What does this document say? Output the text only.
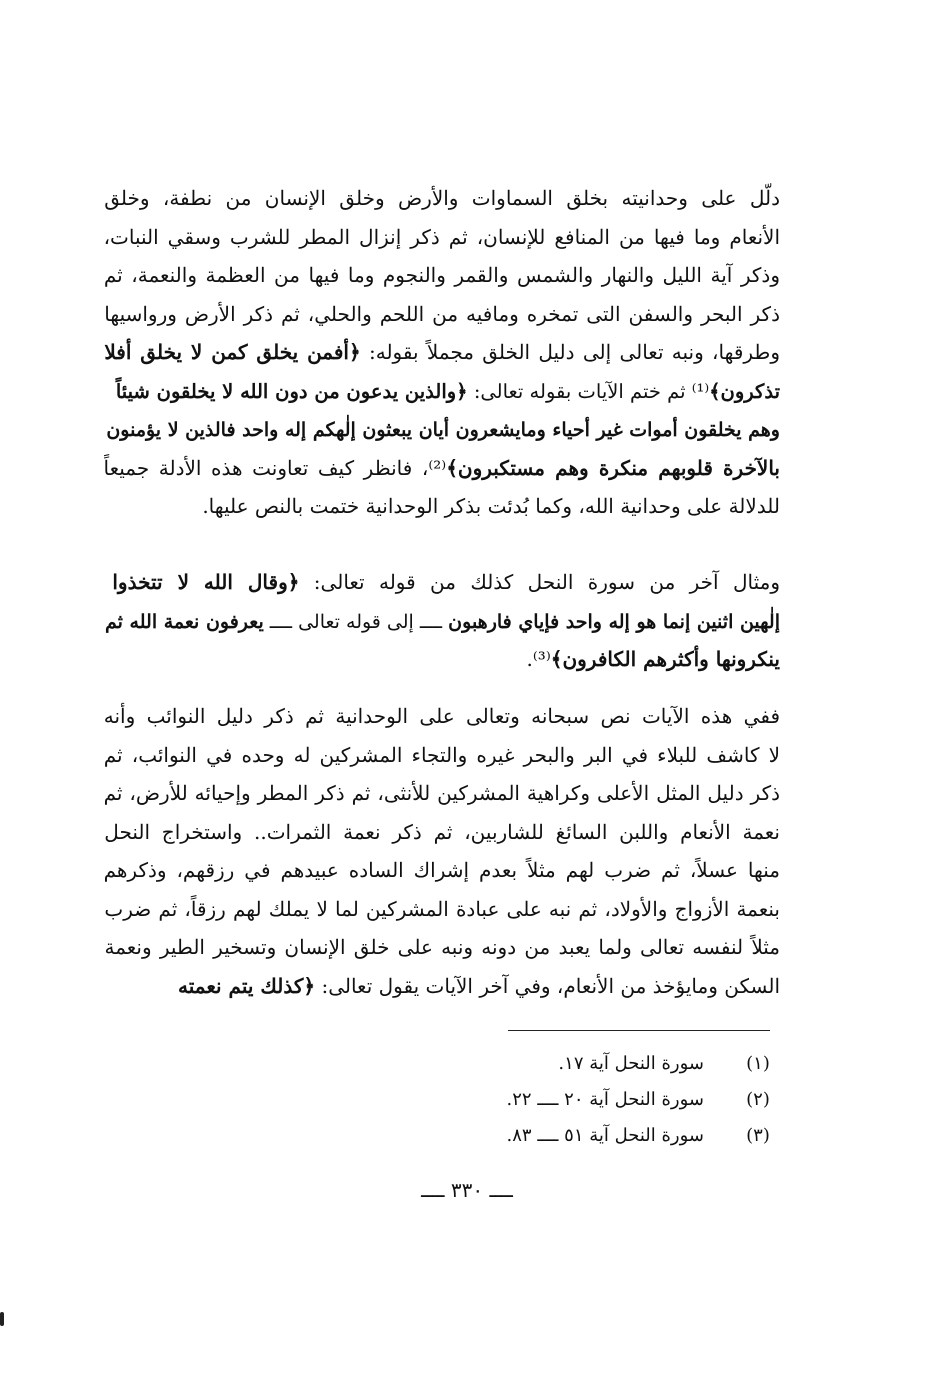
دلّل على وحدانيته بخلق السماوات والأرض وخلق الإنسان من نطفة، وخلق
الأنعام وما فيها من المنافع للإنسان، ثم ذكر إنزال المطر للشرب وسقي النبات،
وذكر آية الليل والنهار والشمس والقمر والنجوم وما فيها من العظمة والنعمة، ثم
ذكر البحر والسفن التى تمخره ومافيه من اللحم والحلي، ثم ذكر الأرض ورواسيها
وطرقها، ونبه تعالى إلى دليل الخلق مجملاً بقوله: ﴿أفمن يخلق كمن لا يخلق أفلا
تذكرون﴾⁽¹⁾ ثم ختم الآيات بقوله تعالى: ﴿والذين يدعون من دون الله لا يخلقون شيئاً
وهم يخلقون أموات غير أحياء ومايشعرون أيان يبعثون إلٰهكم إله واحد فالذين لا يؤمنون
بالآخرة قلوبهم منكرة وهم مستكبرون﴾⁽²⁾، فانظر كيف تعاونت هذه الأدلة جميعاً
للدلالة على وحدانية الله، وكما بُدئت بذكر الوحدانية ختمت بالنص عليها.
ومثال آخر من سورة النحل كذلك من قوله تعالى: ﴿وقال الله لا تتخذوا
إلٰهين اثنين إنما هو إله واحد فإياي فارهبون ــــ إلى قوله تعالى ــــ يعرفون نعمة الله ثم
ينكرونها وأكثرهم الكافرون﴾⁽³⁾.
ففي هذه الآيات نص سبحانه وتعالى على الوحدانية ثم ذكر دليل النوائب وأنه
لا كاشف للبلاء في البر والبحر غيره والتجاء المشركين له وحده في النوائب، ثم
ذكر دليل المثل الأعلى وكراهية المشركين للأنثى، ثم ذكر المطر وإحيائه للأرض، ثم
نعمة الأنعام واللبن السائغ للشاربين، ثم ذكر نعمة الثمرات.. واستخراج النحل
منها عسلاً، ثم ضرب لهم مثلاً بعدم إشراك الساده عبيدهم في رزقهم، وذكرهم
بنعمة الأزواج والأولاد، ثم نبه على عبادة المشركين لما لا يملك لهم رزقاً، ثم ضرب
مثلاً لنفسه تعالى ولما يعبد من دونه ونبه على خلق الإنسان وتسخير الطير ونعمة
السكن ومايؤخذ من الأنعام، وفي آخر الآيات يقول تعالى: ﴿كذلك يتم نعمته
(١)
سورة النحل آية ١٧.
(٢)
سورة النحل آية ٢٠ ــــ ٢٢.
(٣)
سورة النحل آية ٥١ ــــ ٨٣.
ــــ ٣٣٠ ــــ
